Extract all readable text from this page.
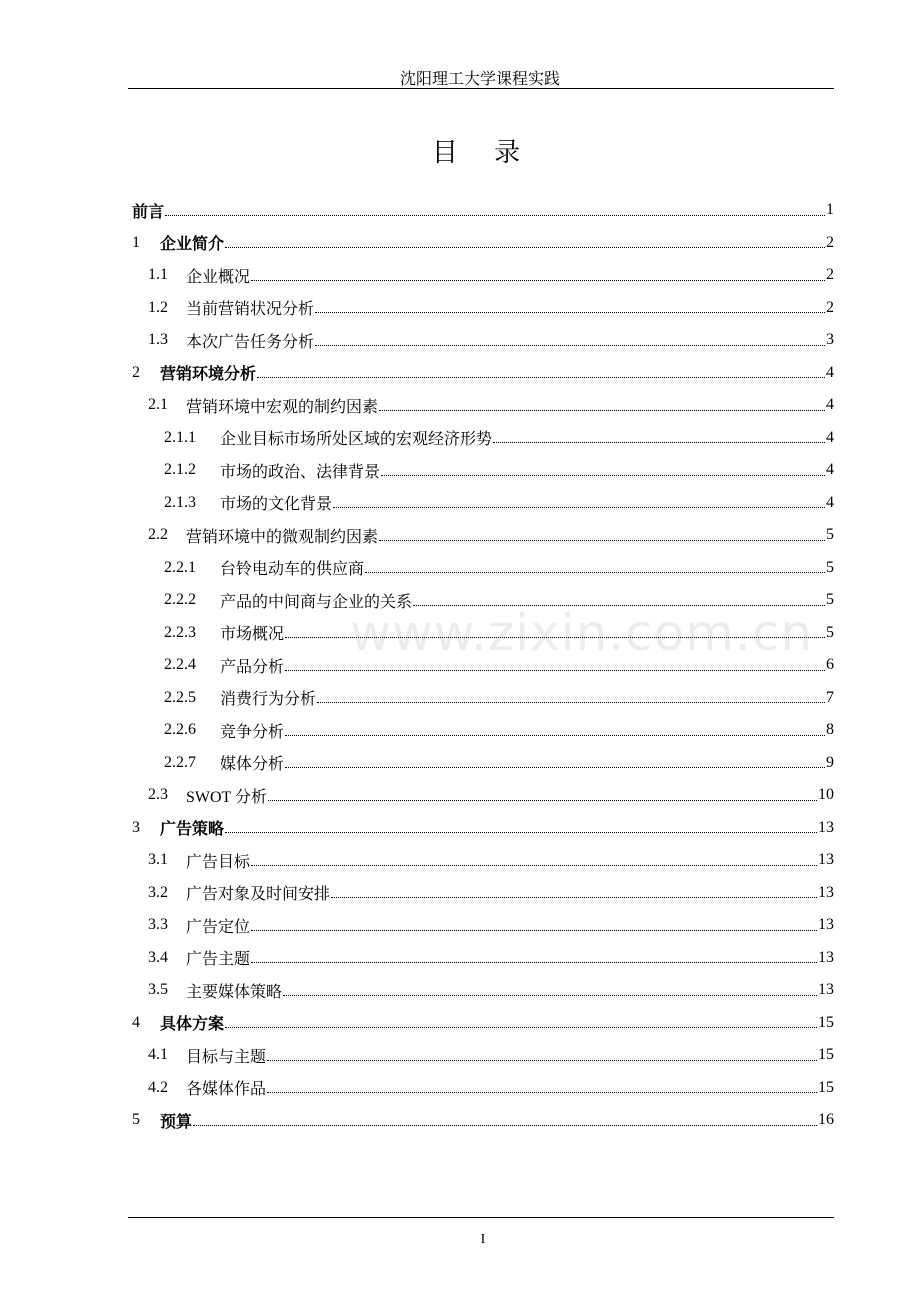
沈阳理工大学课程实践
目 录
www.zixin.com.cn
前言	1
1	企业简介	2
1.1	企业概况	2
1.2	当前营销状况分析	2
1.3	本次广告任务分析	3
2	营销环境分析	4
2.1	营销环境中宏观的制约因素	4
2.1.1	企业目标市场所处区域的宏观经济形势	4
2.1.2	市场的政治、法律背景	4
2.1.3	市场的文化背景	4
2.2	营销环境中的微观制约因素	5
2.2.1	台铃电动车的供应商	5
2.2.2	产品的中间商与企业的关系	5
2.2.3	市场概况	5
2.2.4	产品分析	6
2.2.5	消费行为分析	7
2.2.6	竞争分析	8
2.2.7	媒体分析	9
2.3	SWOT 分析	10
3	广告策略	13
3.1	广告目标	13
3.2	广告对象及时间安排	13
3.3	广告定位	13
3.4	广告主题	13
3.5	主要媒体策略	13
4	具体方案	15
4.1	目标与主题	15
4.2	各媒体作品	15
5	预算	16
I
